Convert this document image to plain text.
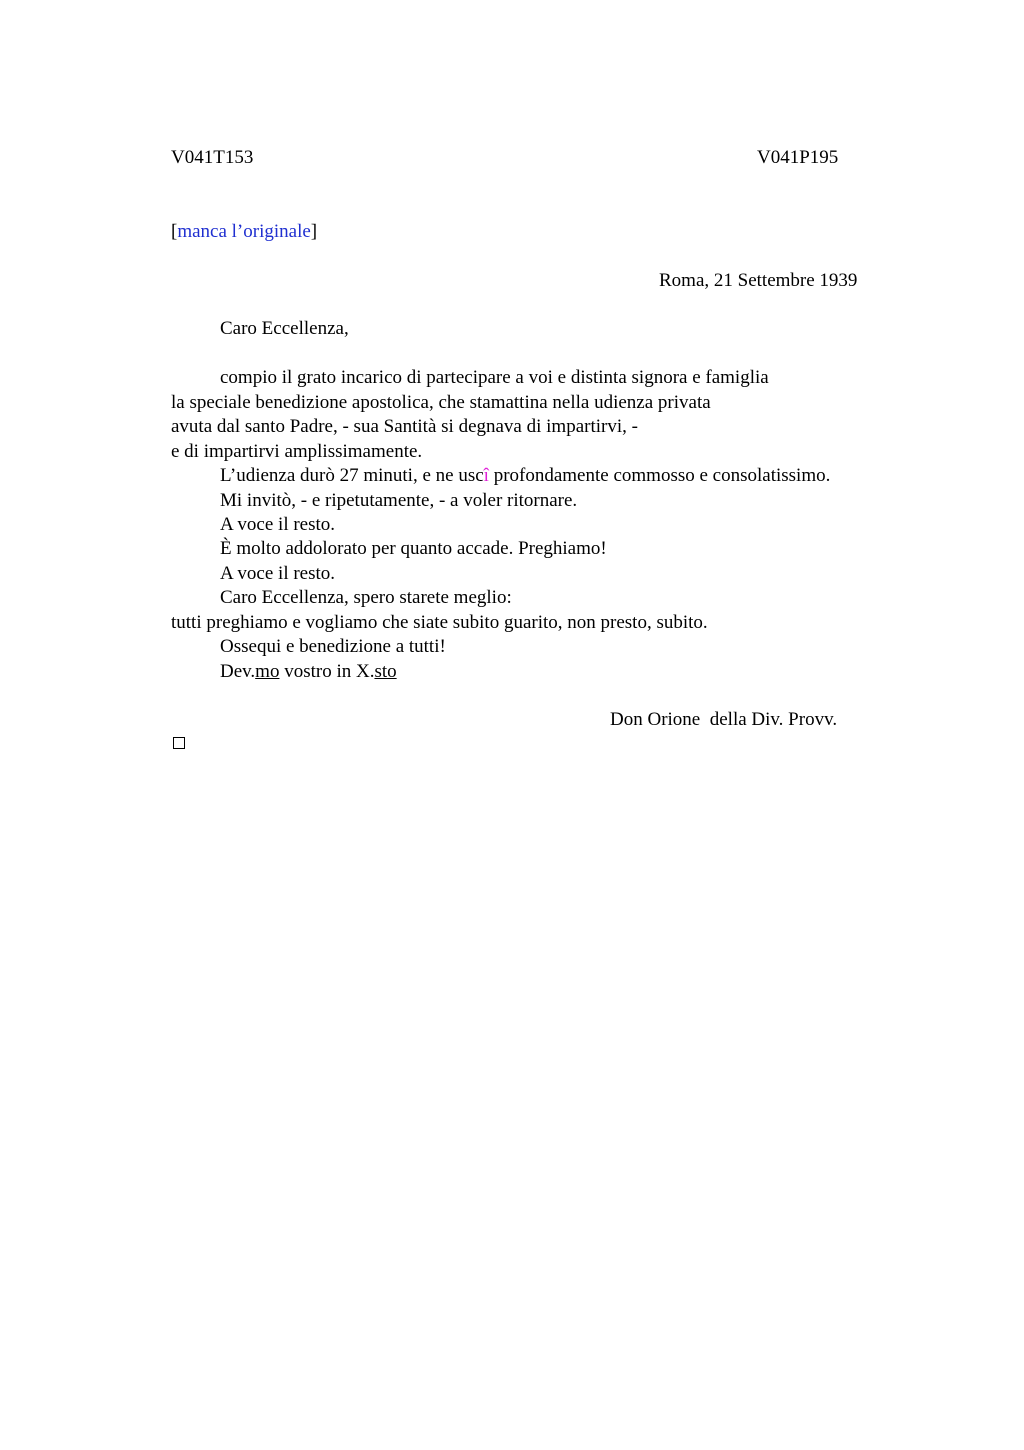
V041T153	V041P195
[manca l’originale]
Roma, 21 Settembre 1939
Caro Eccellenza,
compio il grato incarico di partecipare a voi e distinta signora e famiglia
la speciale benedizione apostolica, che stamattina nella udienza privata
avuta dal santo Padre, - sua Santità si degnava di impartirvi, -
e di impartirvi amplissimamente.
L’udienza durò 27 minuti, e ne uscî profondamente commosso e consolatissimo.
Mi invitò, - e ripetutamente, - a voler ritornare.
A voce il resto.
È molto addolorato per quanto accade. Preghiamo!
A voce il resto.
Caro Eccellenza, spero starete meglio:
tutti preghiamo e vogliamo che siate subito guarito, non presto, subito.
Ossequi e benedizione a tutti!
Dev.mo vostro in X.sto
Don Orione  della Div. Provv.
